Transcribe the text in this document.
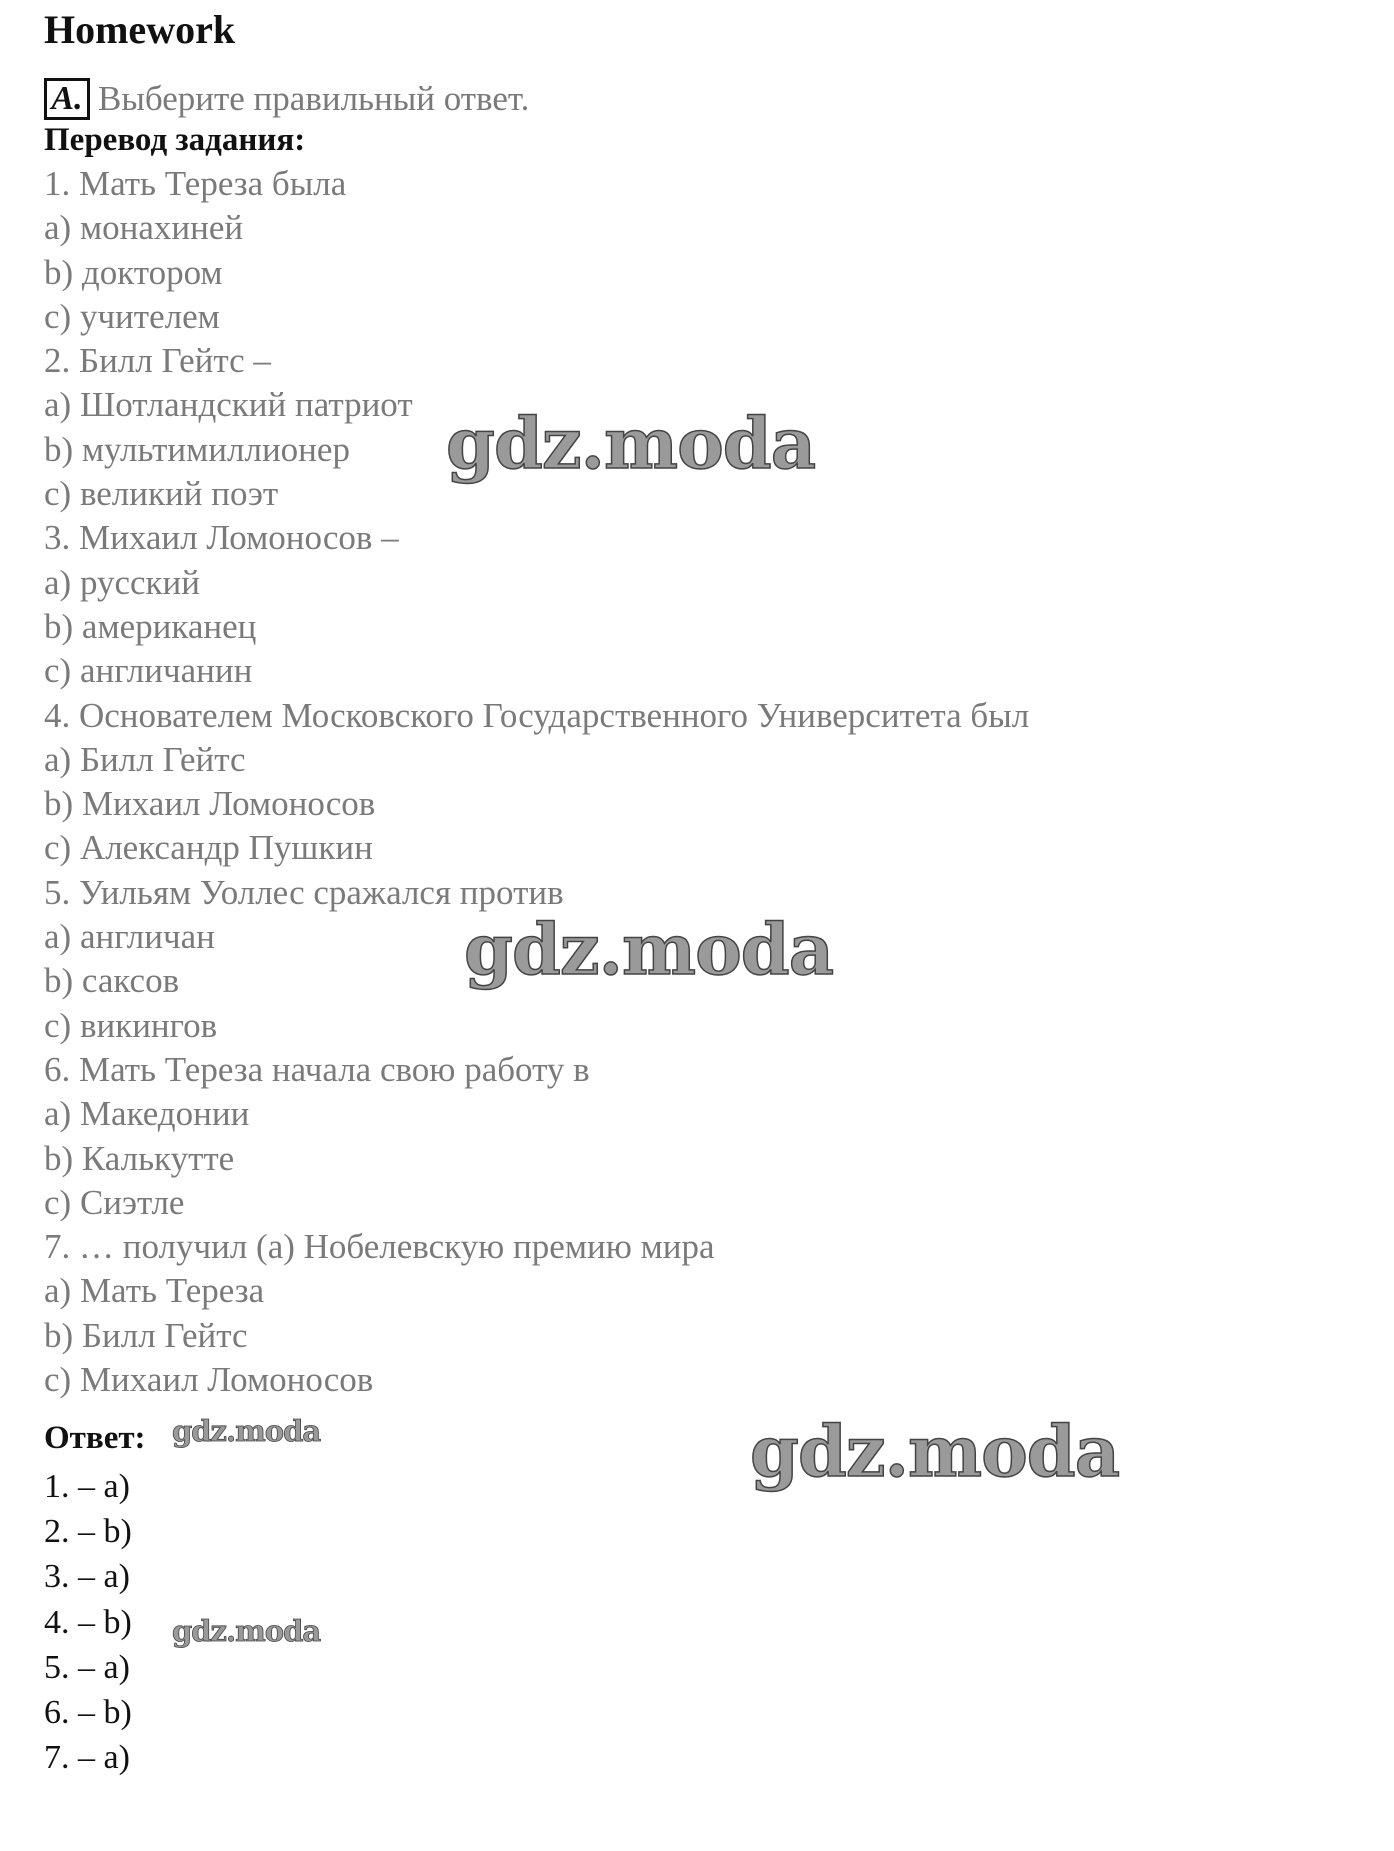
Homework
A. Выберите правильный ответ.
Перевод задания:
1. Мать Тереза была
a) монахиней
b) доктором
c) учителем
2. Билл Гейтс –
a) Шотландский патриот
b) мультимиллионер
c) великий поэт
3. Михаил Ломоносов –
a) русский
b) американец
c) англичанин
4. Основателем Московского Государственного Университета был
a) Билл Гейтс
b) Михаил Ломоносов
c) Александр Пушкин
5. Уильям Уоллес сражался против
a) англичан
b) саксов
c) викингов
6. Мать Тереза начала свою работу в
a) Македонии
b) Калькутте
c) Сиэтле
7. … получил (а) Нобелевскую премию мира
a) Мать Тереза
b) Билл Гейтс
c) Михаил Ломоносов
Ответ:
1. – a)
2. – b)
3. – a)
4. – b)
5. – a)
6. – b)
7. – a)
gdz.moda
gdz.moda
gdz.moda
gdz.moda
gdz.moda
